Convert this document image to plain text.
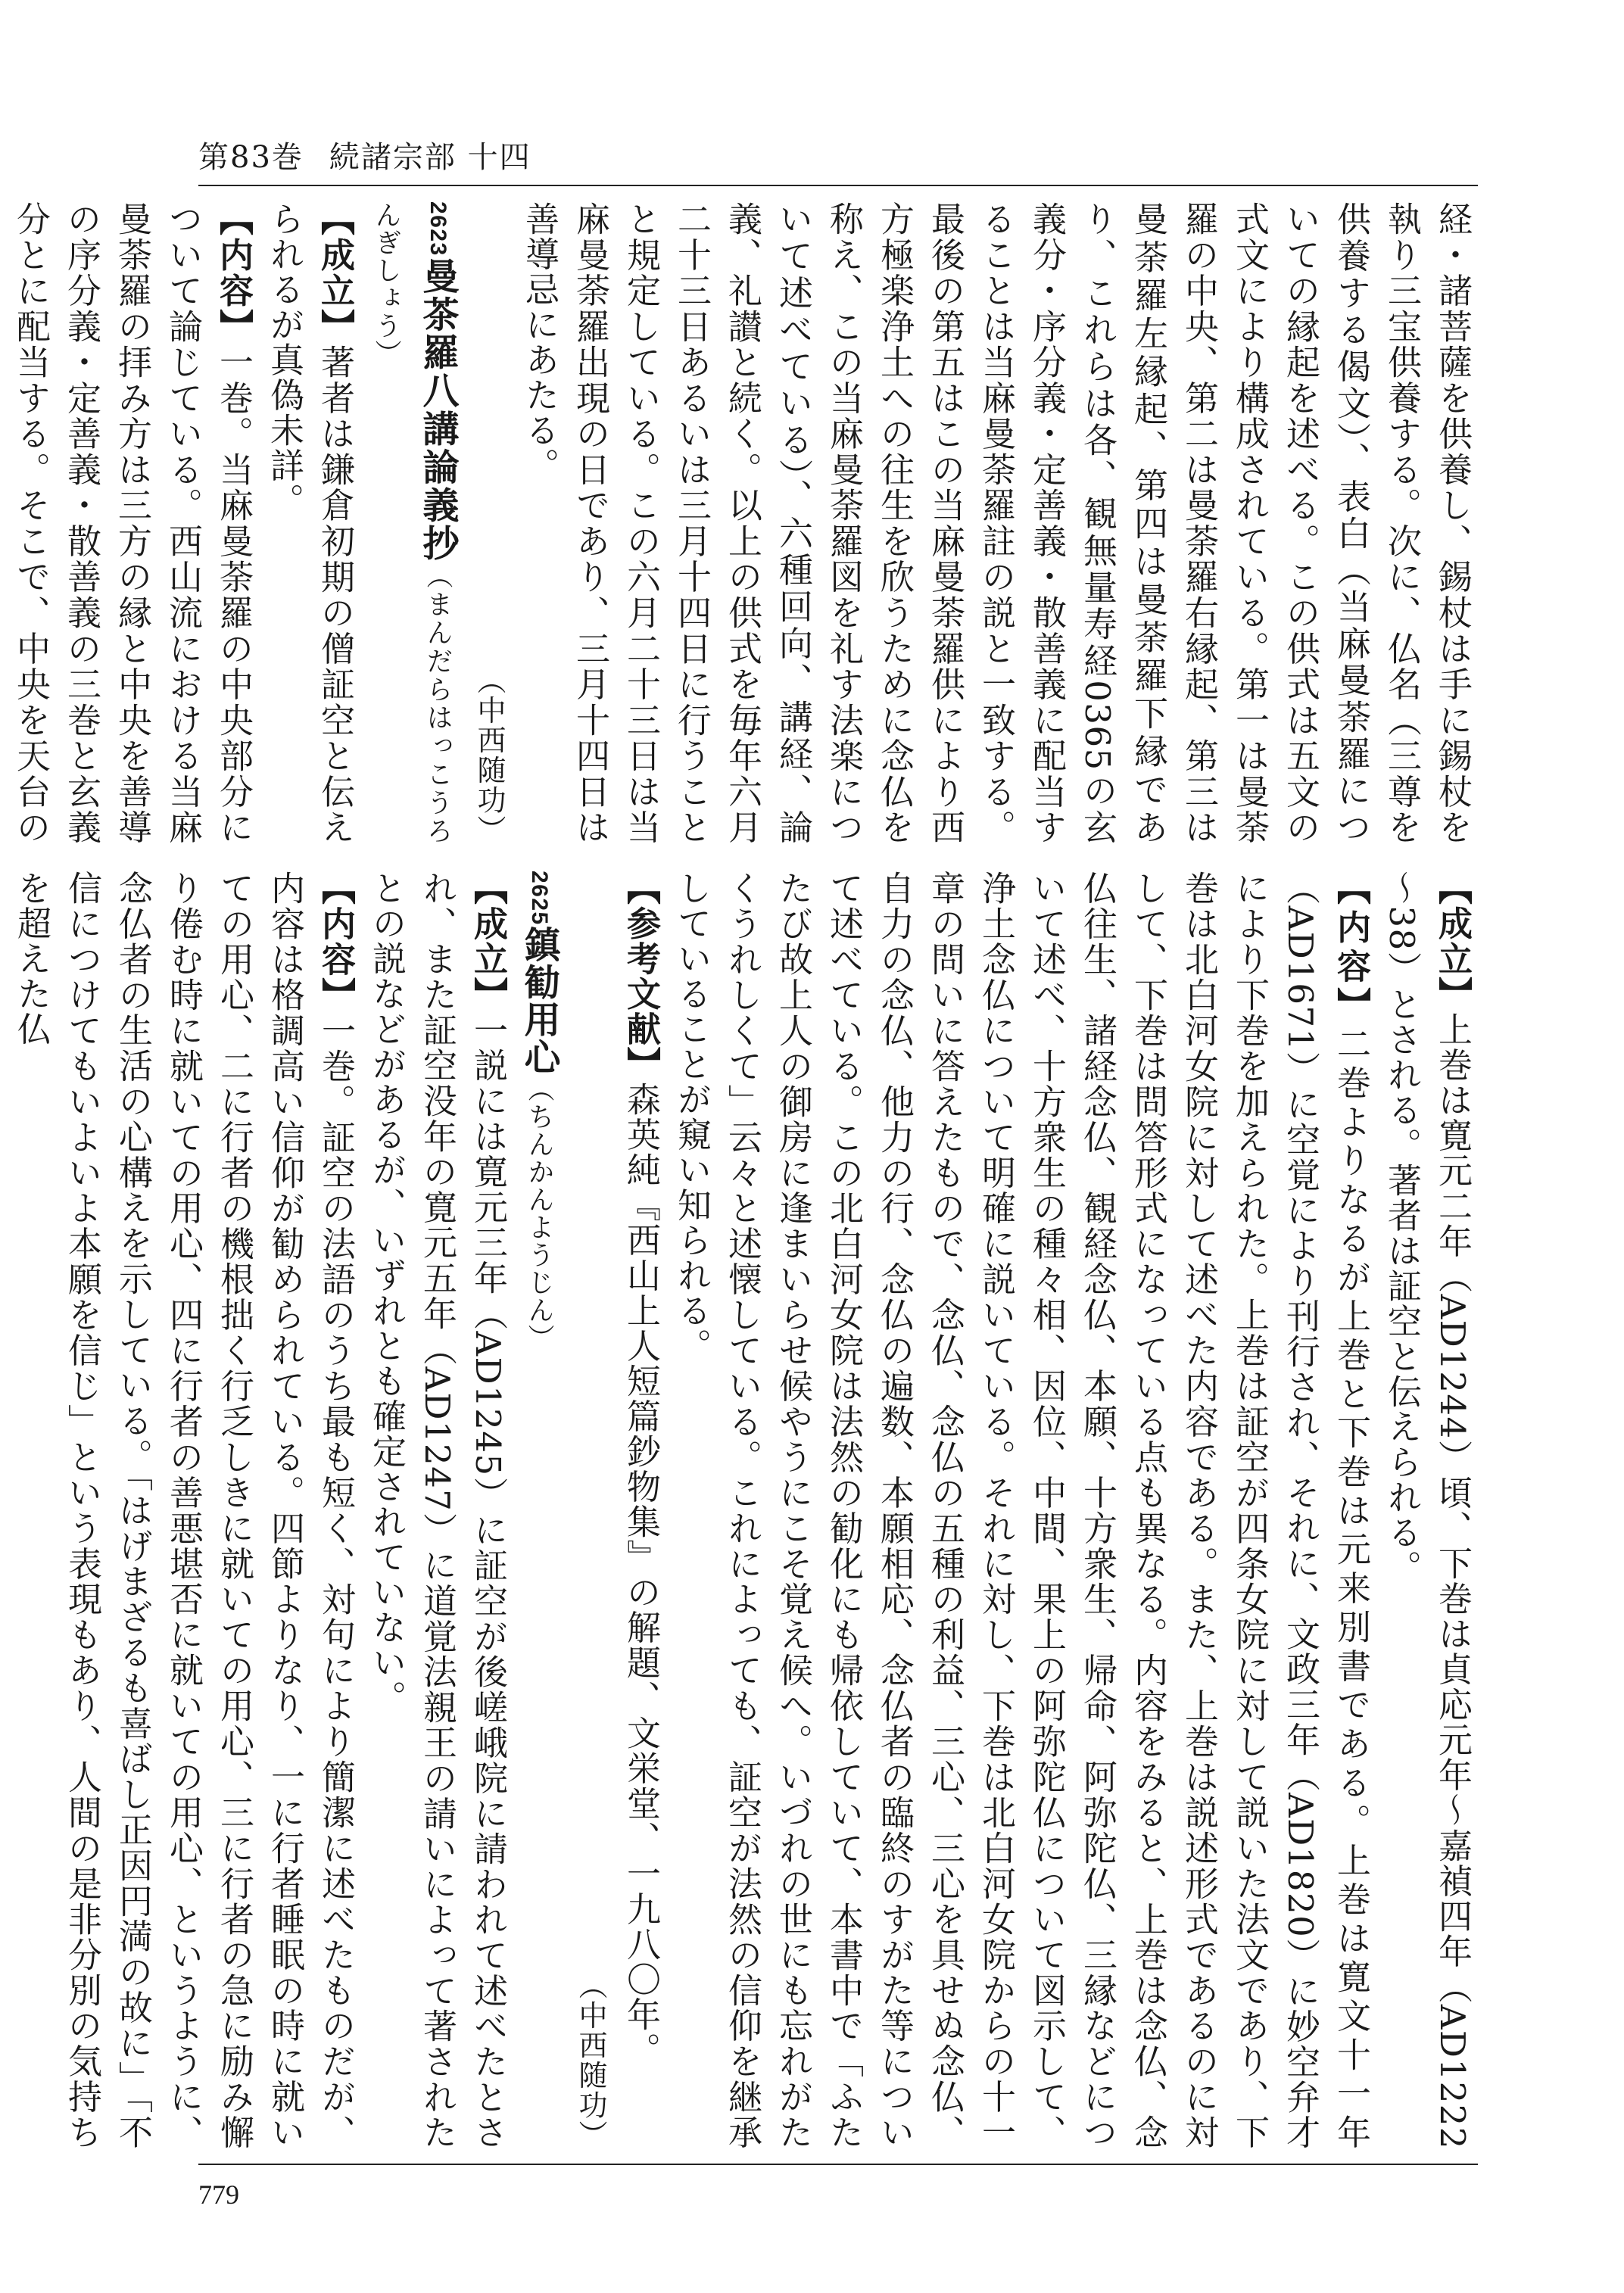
第83巻 続諸宗部 十四

経・諸菩薩を供養し、錫杖は手に錫杖を執り三宝供養する。次に、仏名（三尊を供養する偈文）、表白（当麻曼荼羅についての縁起を述べる。この供式は五文の式文により構成されている。第一は曼荼羅の中央、第二は曼荼羅右縁起、第三は曼荼羅左縁起、第四は曼荼羅下縁であり、これらは各、観無量寿経0365の玄義分・序分義・定善義・散善義に配当することは当麻曼荼羅註の説と一致する。最後の第五はこの当麻曼荼羅供により西方極楽浄土への往生を欣うために念仏を称え、この当麻曼荼羅図を礼す法楽について述べている）、六種回向、講経、論義、礼讃と続く。以上の供式を毎年六月二十三日あるいは三月十四日に行うことと規定している。この六月二十三日は当麻曼荼羅出現の日であり、三月十四日は善導忌にあたる。

（中西随功）

2623曼茶羅八講論義抄（まんだらはっこうろんぎしょう）

【成立】著者は鎌倉初期の僧証空と伝えられるが真偽未詳。

【内容】一巻。当麻曼荼羅の中央部分について論じている。西山流における当麻曼荼羅の拝み方は三方の縁と中央を善導の序分義・定善義・散善義の三巻と玄義分とに配当する。そこで、中央を天台の

【成立】上巻は寛元二年（AD1244）頃、下巻は貞応元年～嘉禎四年（AD1222～38）とされる。著者は証空と伝えられる。

【内容】二巻よりなるが上巻と下巻は元来別書である。上巻は寛文十一年（AD1671）に空覚により刊行され、それに、文政三年（AD1820）に妙空弁才により下巻を加えられた。上巻は証空が四条女院に対して説いた法文であり、下巻は北白河女院に対して述べた内容である。また、上巻は説述形式であるのに対して、下巻は問答形式になっている点も異なる。内容をみると、上巻は念仏、念仏往生、諸経念仏、観経念仏、本願、十方衆生、帰命、阿弥陀仏、三縁などについて述べ、十方衆生の種々相、因位、中間、果上の阿弥陀仏について図示して、浄土念仏について明確に説いている。それに対し、下巻は北白河女院からの十一章の問いに答えたもので、念仏、念仏の五種の利益、三心、三心を具せぬ念仏、自力の念仏、他力の行、念仏の遍数、本願相応、念仏者の臨終のすがた等について述べている。この北白河女院は法然の勧化にも帰依していて、本書中で「ふたたび故上人の御房に逢まいらせ候やうにこそ覚え候へ。いづれの世にも忘れがたくうれしくて」云々と述懐している。これによっても、証空が法然の信仰を継承していることが窺い知られる。

【参考文献】森英純『西山上人短篇鈔物集』の解題、文栄堂、一九八〇年。

（中西随功）

2625鎮勧用心（ちんかんようじん）

【成立】一説には寛元三年（AD1245）に証空が後嵯峨院に請われて述べたとされ、また証空没年の寛元五年（AD1247）に道覚法親王の請いによって著されたとの説などがあるが、いずれとも確定されていない。

【内容】一巻。証空の法語のうち最も短く、対句により簡潔に述べたものだが、内容は格調高い信仰が勧められている。四節よりなり、一に行者睡眠の時に就いての用心、二に行者の機根拙く行乏しきに就いての用心、三に行者の急に励み懈り倦む時に就いての用心、四に行者の善悪堪否に就いての用心、というように、念仏者の生活の心構えを示している。「はげまざるも喜ばし正因円満の故に」「不信につけてもいよいよ本願を信じ」という表現もあり、人間の是非分別の気持ちを超えた仏

779
